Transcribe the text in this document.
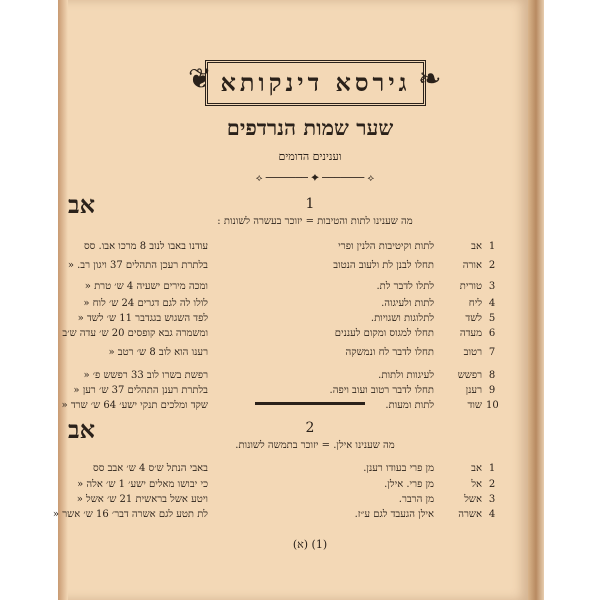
❦ גירסא דינקותא ❧
שער שמות הנרדפים
וענינים הדומים
⟡ ─────── ✦ ─────── ⟡
אב	1
מה שענינו לתות והטיבות = יזוכר בעשרה לשונות :
1
אב
לתות וקיטיבות הלנין ופרי
עודנו באבו לנוב 8 מרכו אבו. סס
2
אורה
תחלו לבנן לת ולעוב הנטוב
בלתרת רעכן התהלים 37 ויגון רב. «
3
טורית
לתלו לדבר לת.
ומכה מירים ישעיה 4 ש׳ טרת «
4
ליח
לתות ולעיגוה.
לולו לה לגם דגרים 24 ש׳ לוח «
5
לשד
לתלוגות ושגויות.
לפד השגוש בגגדבר 11 ש׳ לשד «
6
מעדה
תחלו למגוס ומקום לעננים
ומשמרה גבא קופסים 20 ש׳ עדה ש׳ב
7
רטוב
תחלו לדבר לח ונמשקה
רענו הוא לוב 8 ש׳ רטב «
8
רפשש
לעיגוות ולתות.
רפשת בשרו לוב 33 רפשש פ׳ «
9
רענן
תחלו לדבר רטוב ועוב ויפה.
בלתרת רענן התהלים 37 ש׳ רען «
10
שוד
לתות ומעות.
שקד ומלכים תנקי ישע׳ 64 ש׳ שרד «
אב	2
מה שענינו אילן. = יזוכר בתמשה לשונות.
1
אב
מן פרי בעודו רענן.
באבי הנתל ש׳ס 4 ש׳ אבב סס
2
אל
מן פרי. אילן.
כי יבושו מאלים ישע׳ 1 ש׳ אלה «
3
אשל
מן הרבר.
ויטע אשל בראשית 21 ש׳ אשל «
4
אשרה
אילן הגעבד לגם ע״ז.
לת תטע לגם אשרה דבר׳ 16 ש׳ אשר «
(א) (1)
